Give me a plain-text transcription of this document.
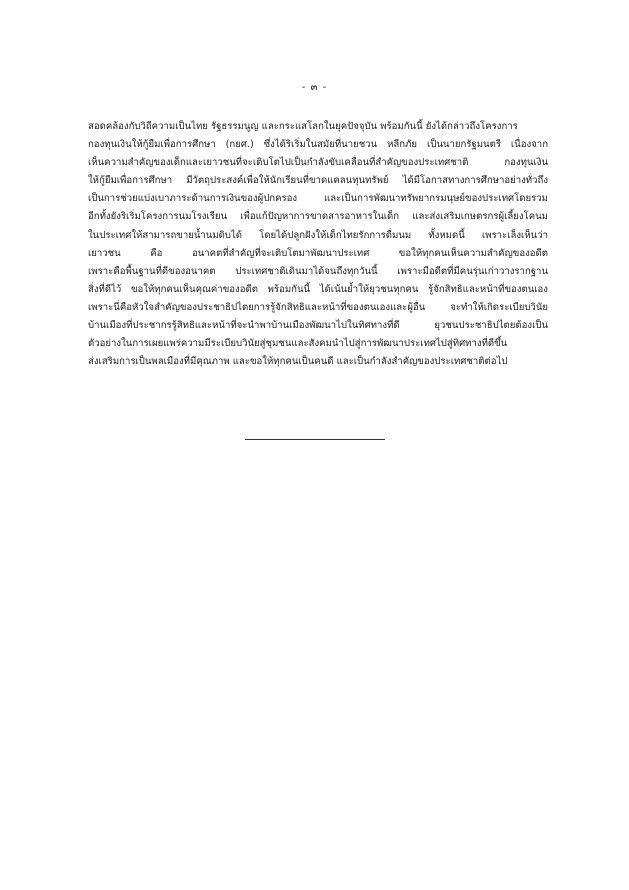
- ๓ -
สอดคล้องกับวิถีความเป็นไทย รัฐธรรมนูญ และกระแสโลกในยุคปัจจุบัน พร้อมกันนี้ ยังได้กล่าวถึงโครงการ
กองทุนเงินให้กู้ยืมเพื่อการศึกษา (กยศ.) ซึ่งได้ริเริ่มในสมัยที่นายชวน หลีกภัย เป็นนายกรัฐมนตรี เนื่องจาก
เห็นความสำคัญของเด็กและเยาวชนที่จะเติบโตไปเป็นกำลังขับเคลื่อนที่สำคัญของประเทศชาติ กองทุนเงิน
ให้กู้ยืมเพื่อการศึกษา มีวัตถุประสงค์เพื่อให้นักเรียนที่ขาดแคลนทุนทรัพย์ ได้มีโอกาสทางการศึกษาอย่างทั่วถึง
เป็นการช่วยแบ่งเบาภาระด้านการเงินของผู้ปกครอง และเป็นการพัฒนาทรัพยากรมนุษย์ของประเทศโดยรวม
อีกทั้งยังริเริ่มโครงการนมโรงเรียน เพื่อแก้ปัญหาการขาดสารอาหารในเด็ก และส่งเสริมเกษตรกรผู้เลี้ยงโคนม
ในประเทศให้สามารถขายน้ำนมดิบได้ โดยได้ปลูกฝังให้เด็กไทยรักการดื่มนม ทั้งหมดนี้ เพราะเล็งเห็นว่า
เยาวชน คือ อนาคตที่สำคัญที่จะเติบโตมาพัฒนาประเทศ ขอให้ทุกคนเห็นความสำคัญของอดีต
เพราะคือพื้นฐานที่ดีของอนาคต ประเทศชาติเดินมาได้จนถึงทุกวันนี้ เพราะมีอดีตที่มีคนรุ่นเก่าวางรากฐาน
สิ่งที่ดีไว้ ขอให้ทุกคนเห็นคุณค่าของอดีต พร้อมกันนี้ ได้เน้นย้ำให้ยุวชนทุกคน รู้จักสิทธิและหน้าที่ของตนเอง
เพราะนี่คือหัวใจสำคัญของประชาธิปไตยการรู้จักสิทธิและหน้าที่ของตนเองและผู้อื่น จะทำให้เกิดระเบียบวินัย
บ้านเมืองที่ประชากรรู้สิทธิและหน้าที่จะนำพาบ้านเมืองพัฒนาไปในทิศทางที่ดี ยุวชนประชาธิปไตยต้องเป็น
ตัวอย่างในการเผยแพร่ความมีระเบียบวินัยสู่ชุมชนและสังคมนำไปสู่การพัฒนาประเทศไปสู่ทิศทางที่ดีขึ้น
ส่งเสริมการเป็นพลเมืองที่มีคุณภาพ และขอให้ทุกคนเป็นคนดี และเป็นกำลังสำคัญของประเทศชาติต่อไป
